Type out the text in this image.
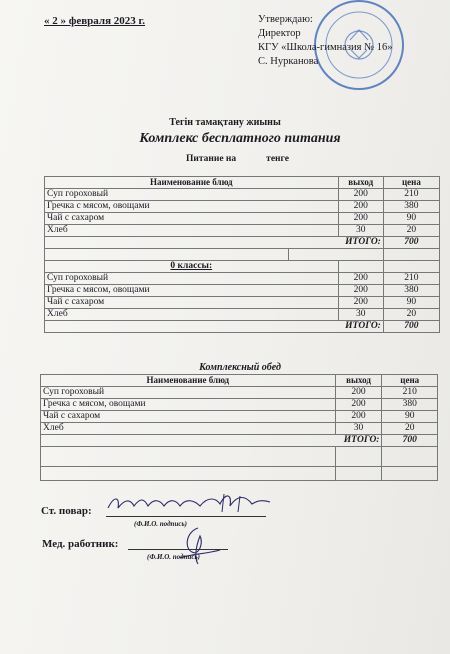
« 2 » февраля 2023 г.	Утверждаю:
Директор
КГУ «Школа-гимназия № 16»
С. Нурканова
Тегін тамақтану жиыны
Комплекс бесплатного питания
Питание на	тенге
Наименование блюд		выход	цена
Суп гороховый		200	210
Гречка с мясом, овощами		200	380
Чай с сахаром		200	90
Хлеб		30	20
ИТОГО:			700

0 классы:			
Суп гороховый		200	210
Гречка с мясом, овощами		200	380
Чай с сахаром		200	90
Хлеб		30	20
ИТОГО:			700
Комплексный обед
Наименование блюд	выход	цена
Суп гороховый	200	210
Гречка с мясом, овощами	200	380
Чай с сахаром	200	90
Хлеб	30	20
ИТОГО:		700

Ст. повар:
(Ф.И.О. подпись)
Мед. работник:
(Ф.И.О. подпись)
